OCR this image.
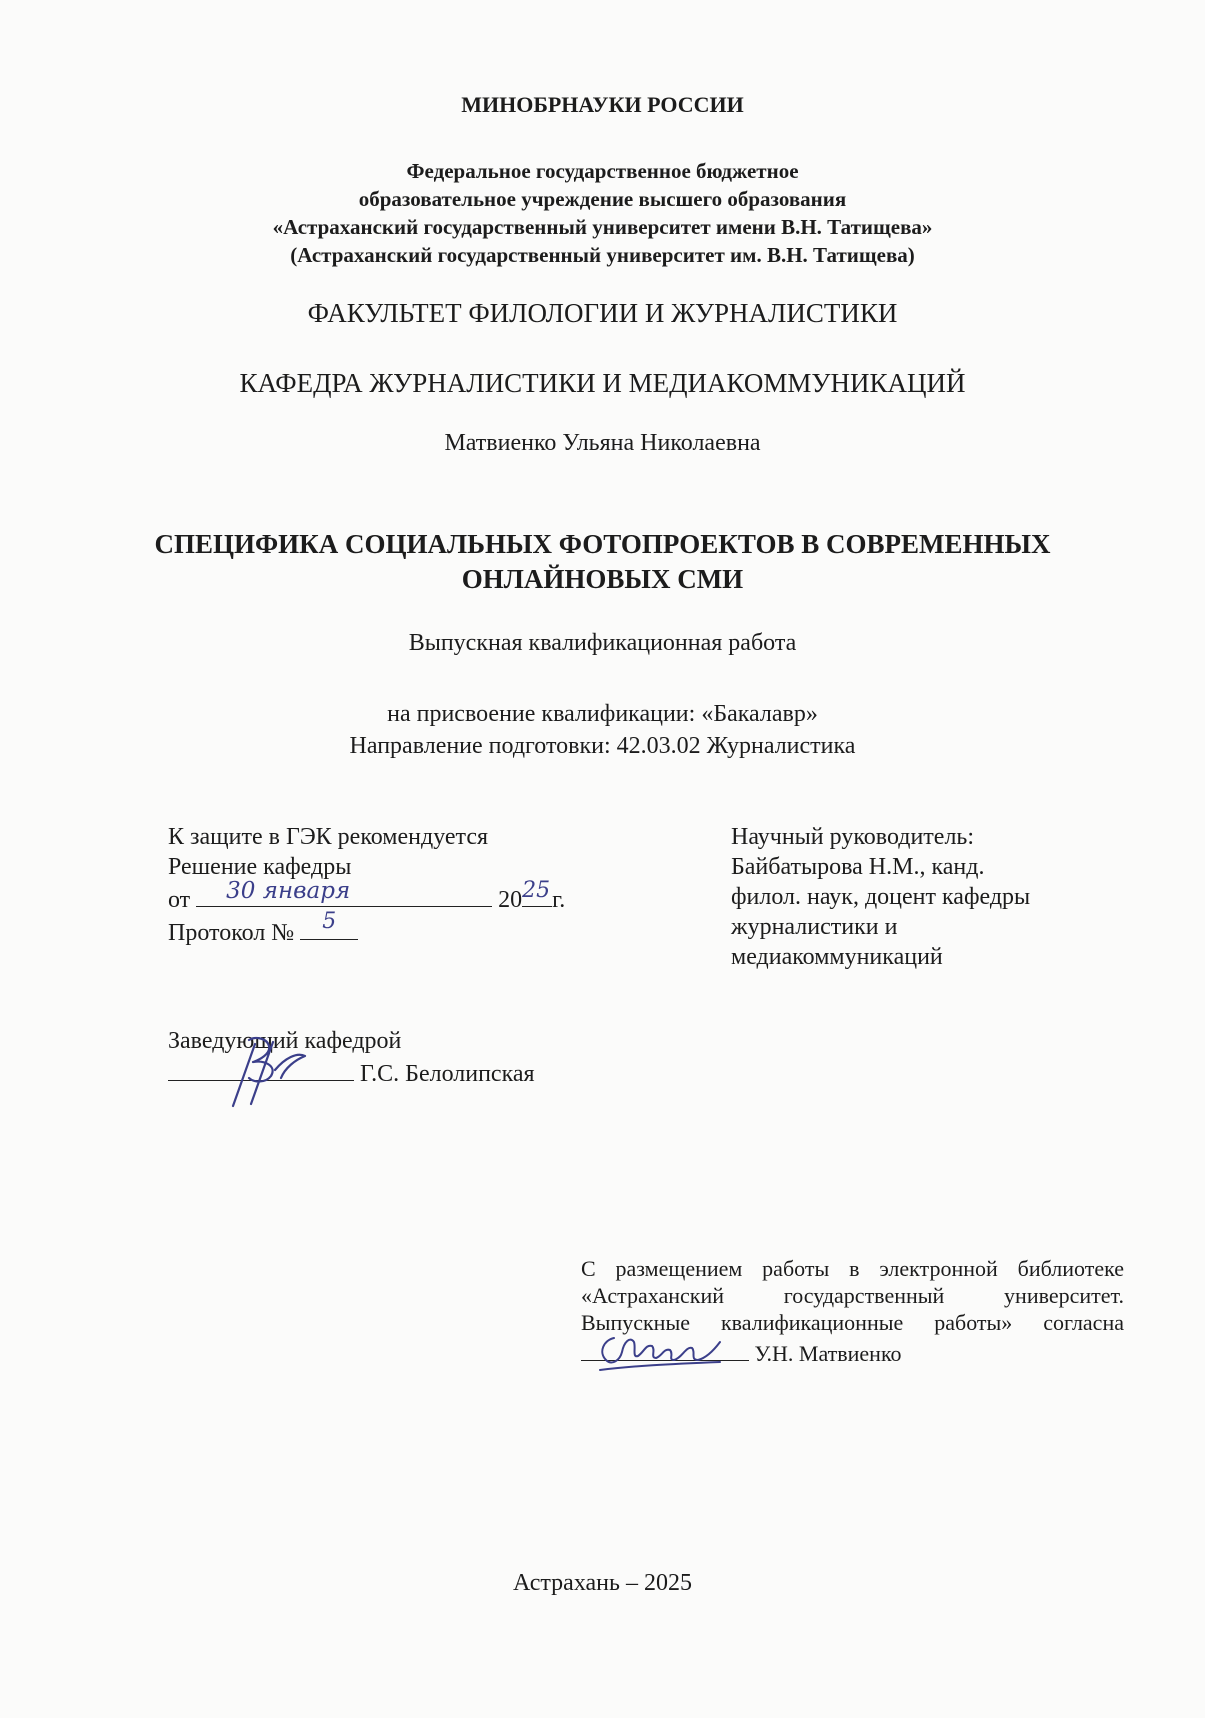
МИНОБРНАУКИ РОССИИ
Федеральное государственное бюджетное
образовательное учреждение высшего образования
«Астраханский государственный университет имени В.Н. Татищева»
(Астраханский государственный университет им. В.Н. Татищева)
ФАКУЛЬТЕТ ФИЛОЛОГИИ И ЖУРНАЛИСТИКИ
КАФЕДРА ЖУРНАЛИСТИКИ И МЕДИАКОММУНИКАЦИЙ
Матвиенко Ульяна Николаевна
СПЕЦИФИКА СОЦИАЛЬНЫХ ФОТОПРОЕКТОВ В СОВРЕМЕННЫХ
ОНЛАЙНОВЫХ СМИ
Выпускная квалификационная работа
на присвоение квалификации: «Бакалавр»
Направление подготовки: 42.03.02 Журналистика
К защите в ГЭК рекомендуется
Решение кафедры
от 30 января	20 25 г.
Протокол № 5
Научный руководитель:
Байбатырова Н.М., канд.
филол. наук, доцент кафедры
журналистики и
медиакоммуникаций
Заведующий кафедрой
Г.С. Белолипская
С размещением работы в электронной библиотеке
«Астраханский государственный университет.
Выпускные квалификационные работы» согласна
У.Н. Матвиенко
Астрахань – 2025
